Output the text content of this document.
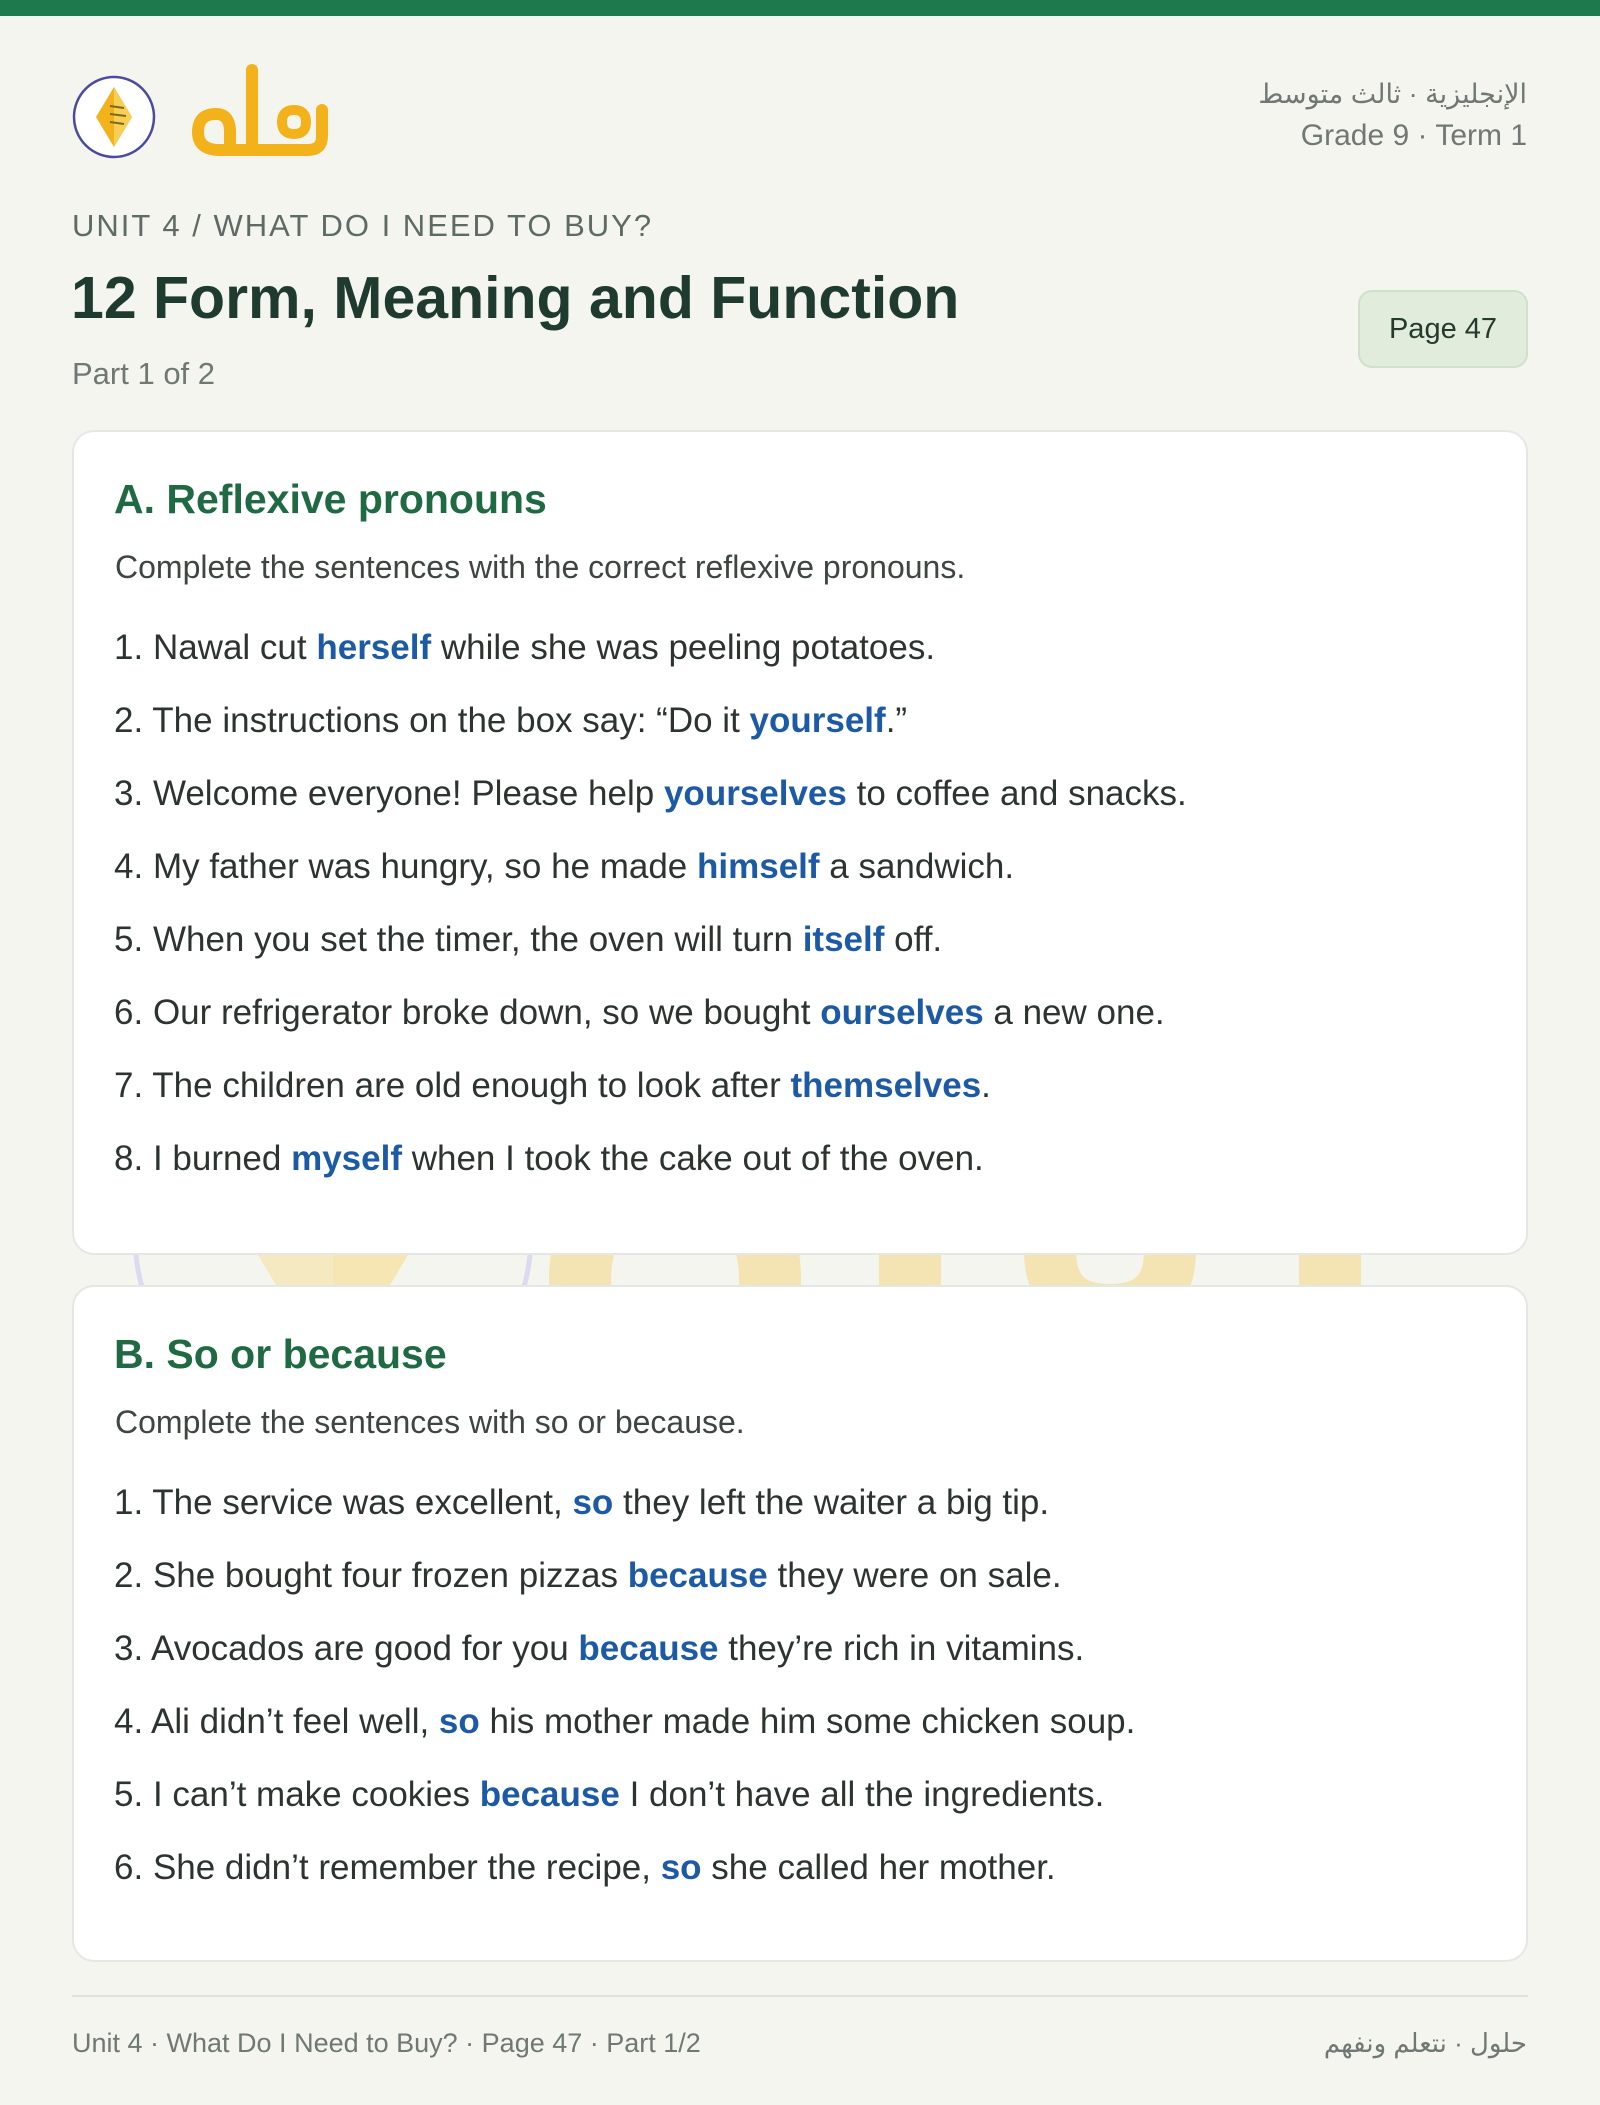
الإنجليزية · ثالث متوسط
Grade 9 · Term 1
UNIT 4 / WHAT DO I NEED TO BUY?
12 Form, Meaning and Function
Part 1 of 2
Page 47
A. Reflexive pronouns
Complete the sentences with the correct reflexive pronouns.
1. Nawal cut herself while she was peeling potatoes.
2. The instructions on the box say: “Do it yourself.”
3. Welcome everyone! Please help yourselves to coffee and snacks.
4. My father was hungry, so he made himself a sandwich.
5. When you set the timer, the oven will turn itself off.
6. Our refrigerator broke down, so we bought ourselves a new one.
7. The children are old enough to look after themselves.
8. I burned myself when I took the cake out of the oven.
B. So or because
Complete the sentences with so or because.
1. The service was excellent, so they left the waiter a big tip.
2. She bought four frozen pizzas because they were on sale.
3. Avocados are good for you because they’re rich in vitamins.
4. Ali didn’t feel well, so his mother made him some chicken soup.
5. I can’t make cookies because I don’t have all the ingredients.
6. She didn’t remember the recipe, so she called her mother.
Unit 4 · What Do I Need to Buy? · Page 47 · Part 1/2	حلول · نتعلم ونفهم
